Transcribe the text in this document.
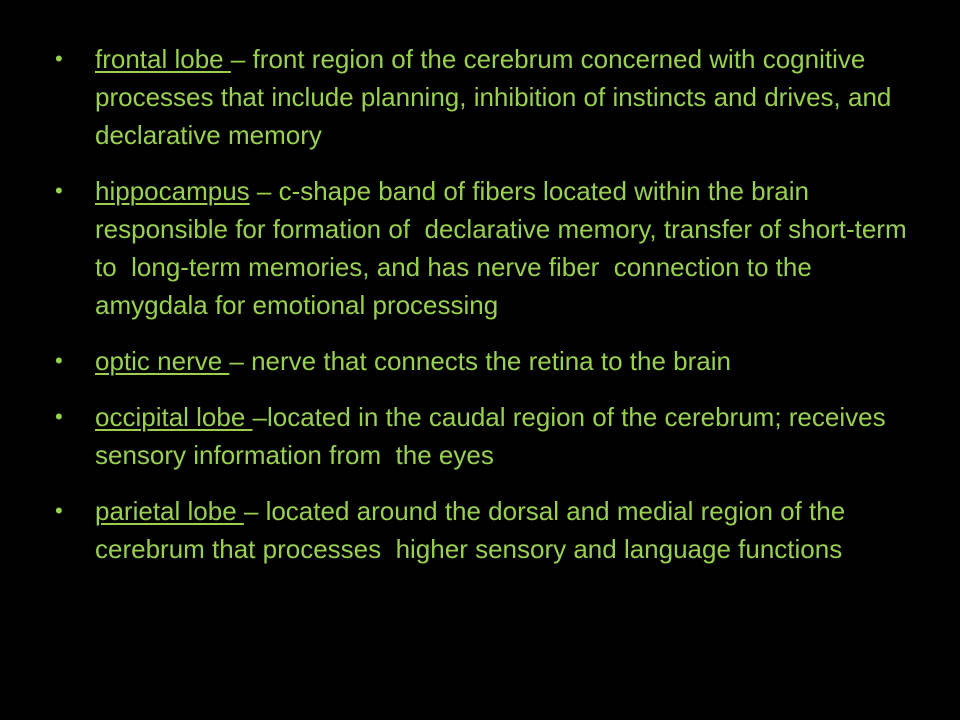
•	frontal lobe – front region of the cerebrum concerned with cognitive processes that include planning, inhibition of instincts and drives, and declarative memory
•	hippocampus – c-shape band of fibers located within the brain responsible for formation of  declarative memory, transfer of short-term to  long-term memories, and has nerve fiber  connection to the amygdala for emotional processing
•	optic nerve – nerve that connects the retina to the brain
•	occipital lobe –located in the caudal region of the cerebrum; receives sensory information from  the eyes
•	parietal lobe – located around the dorsal and medial region of the cerebrum that processes  higher sensory and language functions
